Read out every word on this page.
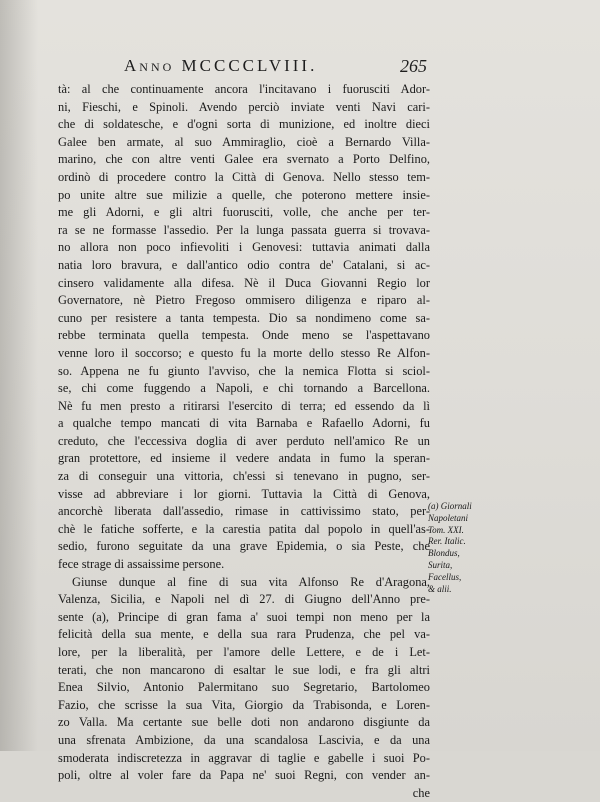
Anno MCCCCLVIII.	265
tà: al che continuamente ancora l'incitavano i fuorusciti Ador-
ni, Fieschi, e Spinoli. Avendo perciò inviate venti Navi cari-
che di soldatesche, e d'ogni sorta di munizione, ed inoltre dieci
Galee ben armate, al suo Ammiraglio, cioè a Bernardo Villa-
marino, che con altre venti Galee era svernato a Porto Delfino,
ordinò di procedere contro la Città di Genova. Nello stesso tem-
po unite altre sue milizie a quelle, che poterono mettere insie-
me gli Adorni, e gli altri fuorusciti, volle, che anche per ter-
ra se ne formasse l'assedio. Per la lunga passata guerra si trovava-
no allora non poco infievoliti i Genovesi: tuttavia animati dalla
natia loro bravura, e dall'antico odio contra de' Catalani, si ac-
cinsero validamente alla difesa. Nè il Duca Giovanni Regio lor
Governatore, nè Pietro Fregoso ommisero diligenza e riparo al-
cuno per resistere a tanta tempesta. Dio sa nondimeno come sa-
rebbe terminata quella tempesta. Onde meno se l'aspettavano
venne loro il soccorso; e questo fu la morte dello stesso Re Alfon-
so. Appena ne fu giunto l'avviso, che la nemica Flotta si sciol-
se, chi come fuggendo a Napoli, e chi tornando a Barcellona.
Nè fu men presto a ritirarsi l'esercito di terra; ed essendo da lì
a qualche tempo mancati di vita Barnaba e Rafaello Adorni, fu
creduto, che l'eccessiva doglia di aver perduto nell'amico Re un
gran protettore, ed insieme il vedere andata in fumo la speran-
za di conseguir una vittoria, ch'essi si tenevano in pugno, ser-
visse ad abbreviare i lor giorni. Tuttavia la Città di Genova,
ancorchè liberata dall'assedio, rimase in cattivissimo stato, per-
chè le fatiche sofferte, e la carestia patita dal popolo in quell'as-
sedio, furono seguitate da una grave Epidemia, o sia Peste, che
fece strage di assaissime persone.
Giunse dunque al fine di sua vita Alfonso Re d'Aragona,
Valenza, Sicilia, e Napoli nel dì 27. di Giugno dell'Anno pre-
sente (a), Principe di gran fama a' suoi tempi non meno per la
felicità della sua mente, e della sua rara Prudenza, che pel va-
lore, per la liberalità, per l'amore delle Lettere, e de i Let-
terati, che non mancarono di esaltar le sue lodi, e fra gli altri
Enea Silvio, Antonio Palermitano suo Segretario, Bartolomeo
Fazio, che scrisse la sua Vita, Giorgio da Trabisonda, e Loren-
zo Valla. Ma certante sue belle doti non andarono disgiunte da
una sfrenata Ambizione, da una scandalosa Lascivia, e da una
smoderata indiscretezza in aggravar di taglie e gabelle i suoi Po-
poli, oltre al voler fare da Papa ne' suoi Regni, con vender an-
che
(a) Giornali
Napoletani
Tom. XXI.
Rer. Italic.
Blondus,
Surita,
Facellus,
& alii.
